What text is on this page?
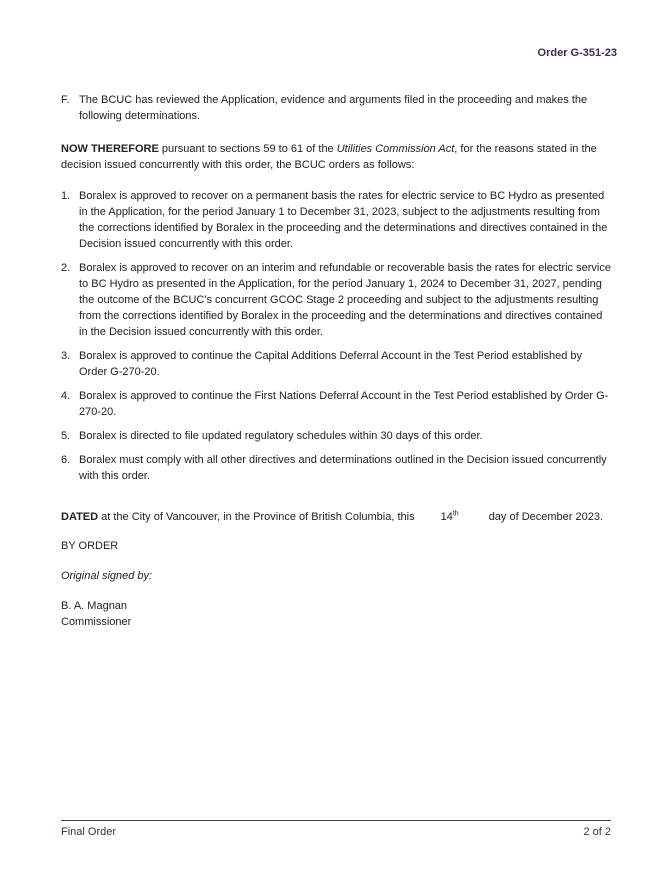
Order G-351-23
F. The BCUC has reviewed the Application, evidence and arguments filed in the proceeding and makes the following determinations.

NOW THEREFORE pursuant to sections 59 to 61 of the Utilities Commission Act, for the reasons stated in the decision issued concurrently with this order, the BCUC orders as follows:

1. Boralex is approved to recover on a permanent basis the rates for electric service to BC Hydro as presented in the Application, for the period January 1 to December 31, 2023, subject to the adjustments resulting from the corrections identified by Boralex in the proceeding and the determinations and directives contained in the Decision issued concurrently with this order.
2. Boralex is approved to recover on an interim and refundable or recoverable basis the rates for electric service to BC Hydro as presented in the Application, for the period January 1, 2024 to December 31, 2027, pending the outcome of the BCUC's concurrent GCOC Stage 2 proceeding and subject to the adjustments resulting from the corrections identified by Boralex in the proceeding and the determinations and directives contained in the Decision issued concurrently with this order.
3. Boralex is approved to continue the Capital Additions Deferral Account in the Test Period established by Order G-270-20.
4. Boralex is approved to continue the First Nations Deferral Account in the Test Period established by Order G-270-20.
5. Boralex is directed to file updated regulatory schedules within 30 days of this order.
6. Boralex must comply with all other directives and determinations outlined in the Decision issued concurrently with this order.

DATED at the City of Vancouver, in the Province of British Columbia, this 14th	day of December 2023.

BY ORDER
Original signed by:
B. A. Magnan
Commissioner
Final Order	2 of 2
